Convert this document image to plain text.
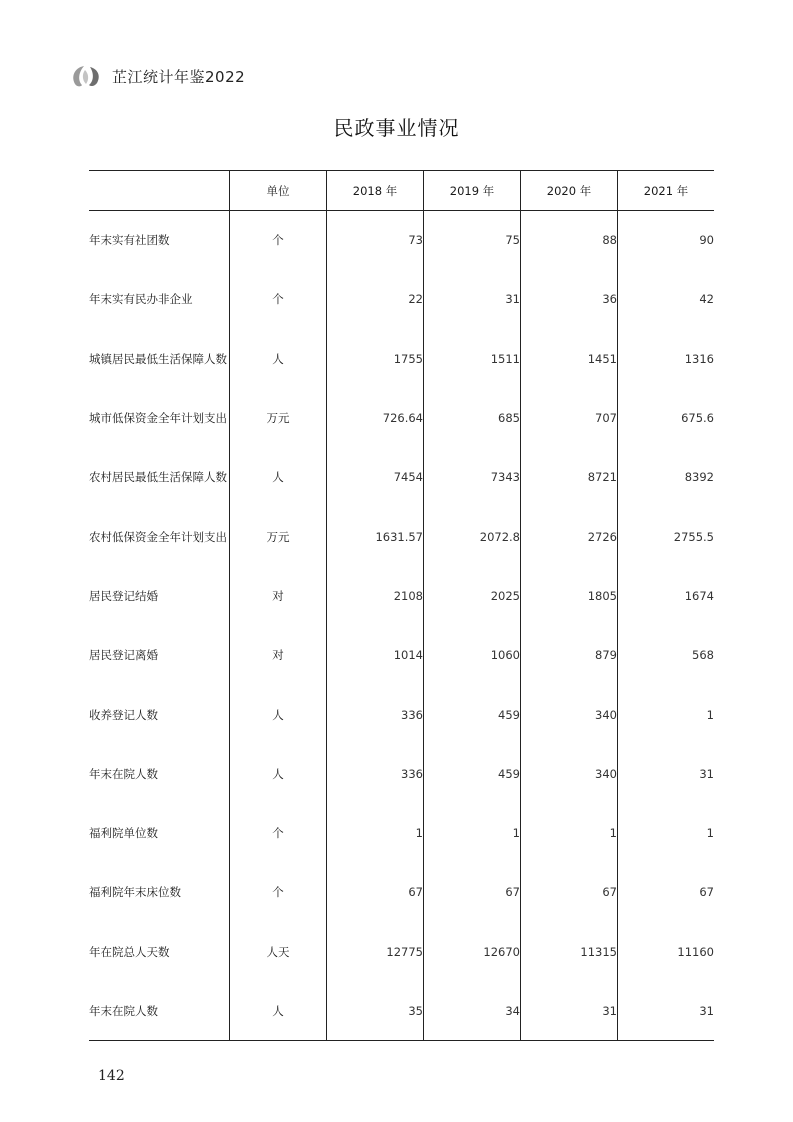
芷江统计年鉴2022
民政事业情况
	单位	2018 年	2019 年	2020 年	2021 年
年末实有社团数	个	73	75	88	90
年末实有民办非企业	个	22	31	36	42
城镇居民最低生活保障人数	人	1755	1511	1451	1316
城市低保资金全年计划支出	万元	726.64	685	707	675.6
农村居民最低生活保障人数	人	7454	7343	8721	8392
农村低保资金全年计划支出	万元	1631.57	2072.8	2726	2755.5
居民登记结婚	对	2108	2025	1805	1674
居民登记离婚	对	1014	1060	879	568
收养登记人数	人	336	459	340	1
年末在院人数	人	336	459	340	31
福利院单位数	个	1	1	1	1
福利院年末床位数	个	67	67	67	67
年在院总人天数	人天	12775	12670	11315	11160
年末在院人数	人	35	34	31	31
142
